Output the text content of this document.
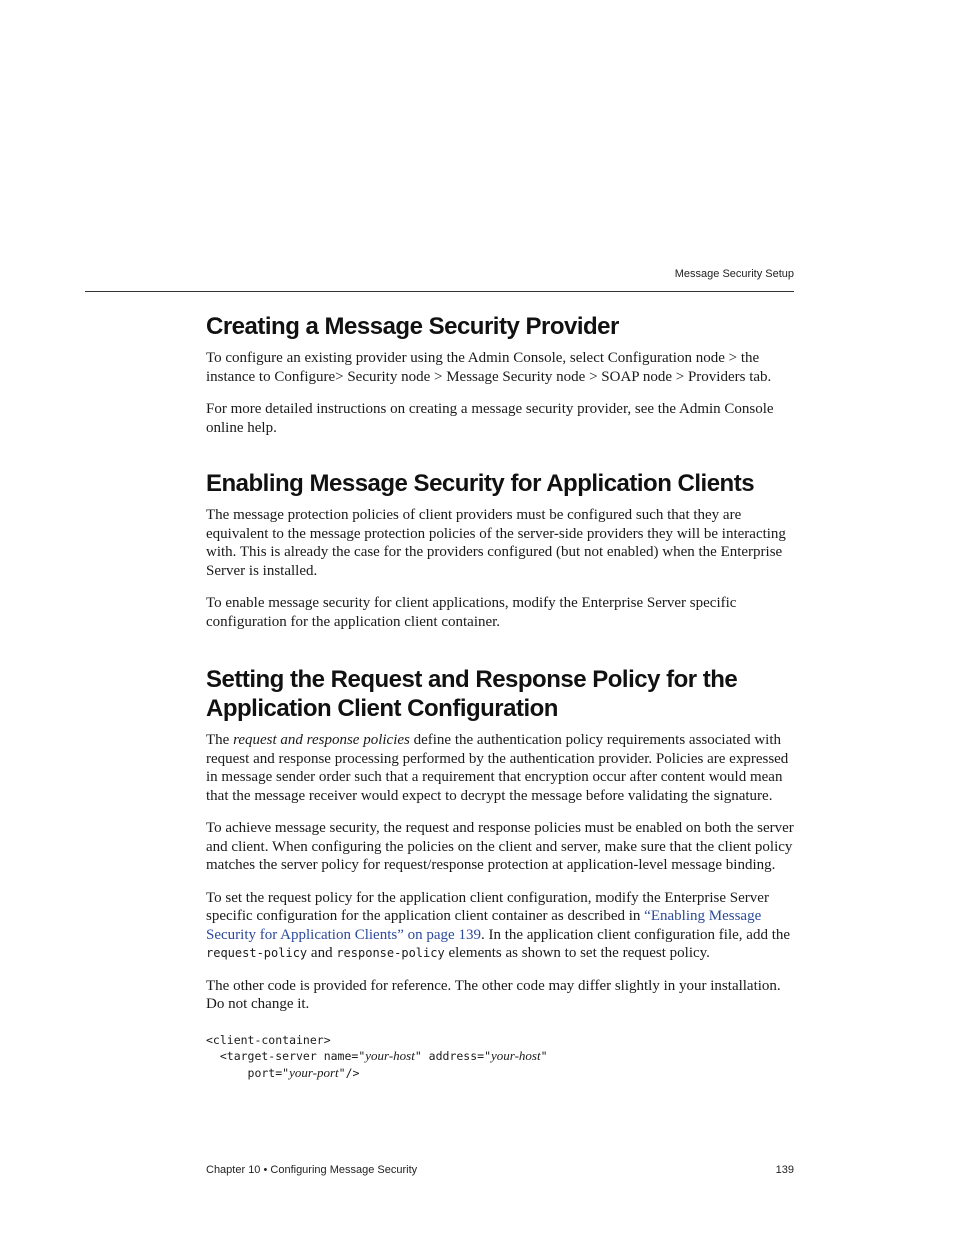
Message Security Setup
Creating a Message Security Provider

To configure an existing provider using the Admin Console, select Configuration node > the instance to Configure> Security node > Message Security node > SOAP node > Providers tab.

For more detailed instructions on creating a message security provider, see the Admin Console online help.

Enabling Message Security for Application Clients

The message protection policies of client providers must be configured such that they are equivalent to the message protection policies of the server-side providers they will be interacting with. This is already the case for the providers configured (but not enabled) when the Enterprise Server is installed.

To enable message security for client applications, modify the Enterprise Server specific configuration for the application client container.

Setting the Request and Response Policy for the
Application Client Configuration

The request and response policies define the authentication policy requirements associated with request and response processing performed by the authentication provider. Policies are expressed in message sender order such that a requirement that encryption occur after content would mean that the message receiver would expect to decrypt the message before validating the signature.

To achieve message security, the request and response policies must be enabled on both the server and client. When configuring the policies on the client and server, make sure that the client policy matches the server policy for request/response protection at application-level message binding.

To set the request policy for the application client configuration, modify the Enterprise Server specific configuration for the application client container as described in “Enabling Message Security for Application Clients” on page 139. In the application client configuration file, add the request-policy and response-policy elements as shown to set the request policy.

The other code is provided for reference. The other code may differ slightly in your installation. Do not change it.

<client-container>
<target-server name="your-host" address="your-host"
port="your-port"/>
Chapter 10 • Configuring Message Security	139
